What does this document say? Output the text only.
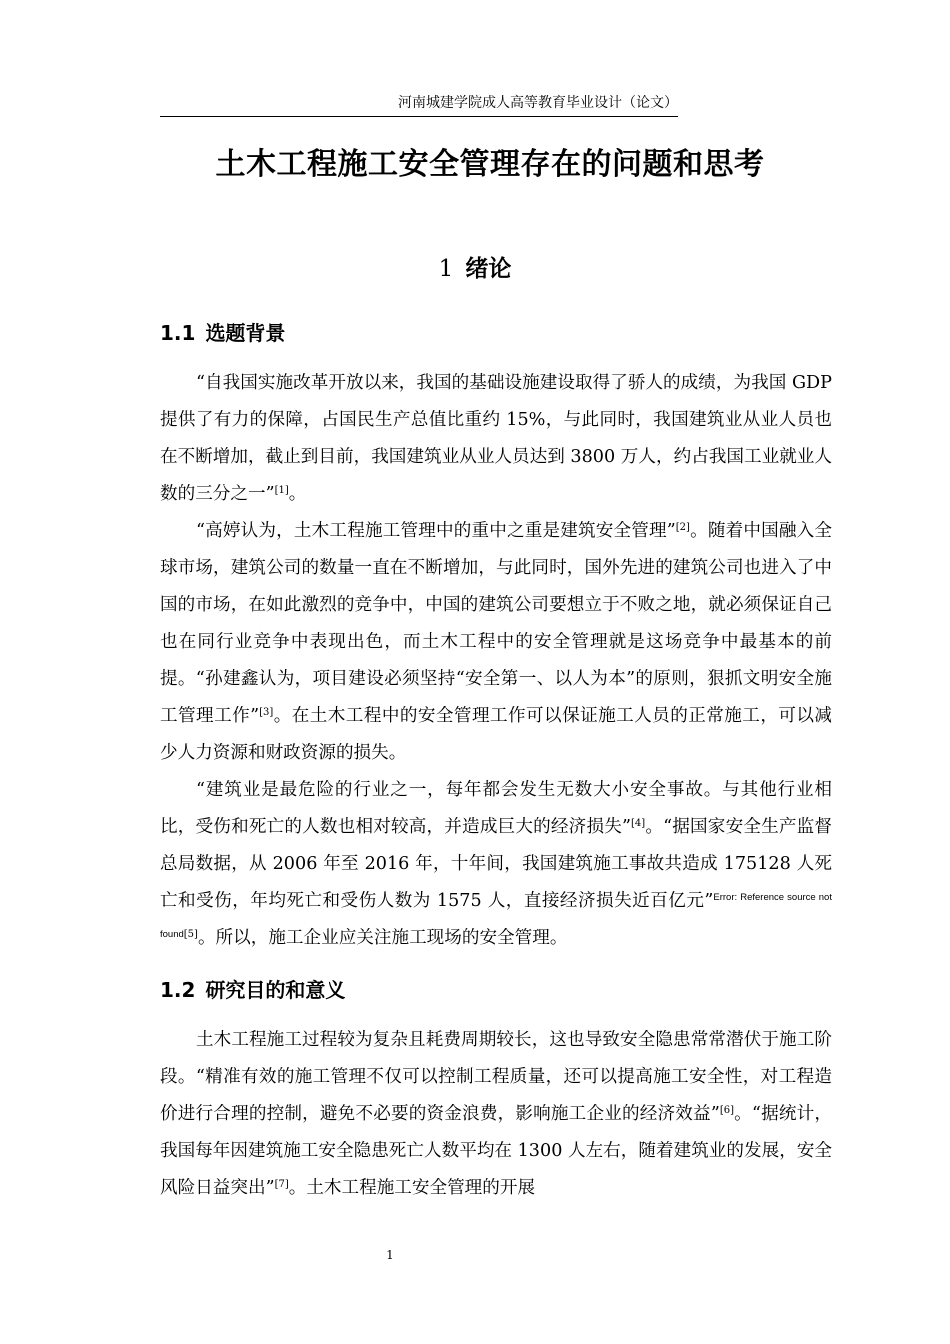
河南城建学院成人高等教育毕业设计（论文）
土木工程施工安全管理存在的问题和思考
1 绪论
1.1 选题背景

“自我国实施改革开放以来，我国的基础设施建设取得了骄人的成绩，为我国 GDP 提供了有力的保障，占国民生产总值比重约 15%，与此同时，我国建筑业从业人员也在不断增加，截止到目前，我国建筑业从业人员达到 3800 万人，约占我国工业就业人数的三分之一”[1]。

“高婷认为，土木工程施工管理中的重中之重是建筑安全管理”[2]。随着中国融入全球市场，建筑公司的数量一直在不断增加，与此同时，国外先进的建筑公司也进入了中国的市场，在如此激烈的竞争中，中国的建筑公司要想立于不败之地，就必须保证自己也在同行业竞争中表现出色，而土木工程中的安全管理就是这场竞争中最基本的前提。“孙建鑫认为，项目建设必须坚持“安全第一、以人为本”的原则，狠抓文明安全施工管理工作”[3]。在土木工程中的安全管理工作可以保证施工人员的正常施工，可以减少人力资源和财政资源的损失。

“建筑业是最危险的行业之一，每年都会发生无数大小安全事故。与其他行业相比，受伤和死亡的人数也相对较高，并造成巨大的经济损失”[4]。“据国家安全生产监督总局数据，从 2006 年至 2016 年，十年间，我国建筑施工事故共造成 175128 人死亡和受伤，年均死亡和受伤人数为 1575 人，直接经济损失近百亿元”$^{Error: Reference source not found[5]}$。所以，施工企业应关注施工现场的安全管理。

1.2 研究目的和意义

土木工程施工过程较为复杂且耗费周期较长，这也导致安全隐患常常潜伏于施工阶段。“精准有效的施工管理不仅可以控制工程质量，还可以提高施工安全性，对工程造价进行合理的控制，避免不必要的资金浪费，影响施工企业的经济效益”[6]。“据统计，我国每年因建筑施工安全隐患死亡人数平均在 1300 人左右，随着建筑业的发展，安全风险日益突出”[7]。土木工程施工安全管理的开展

1
